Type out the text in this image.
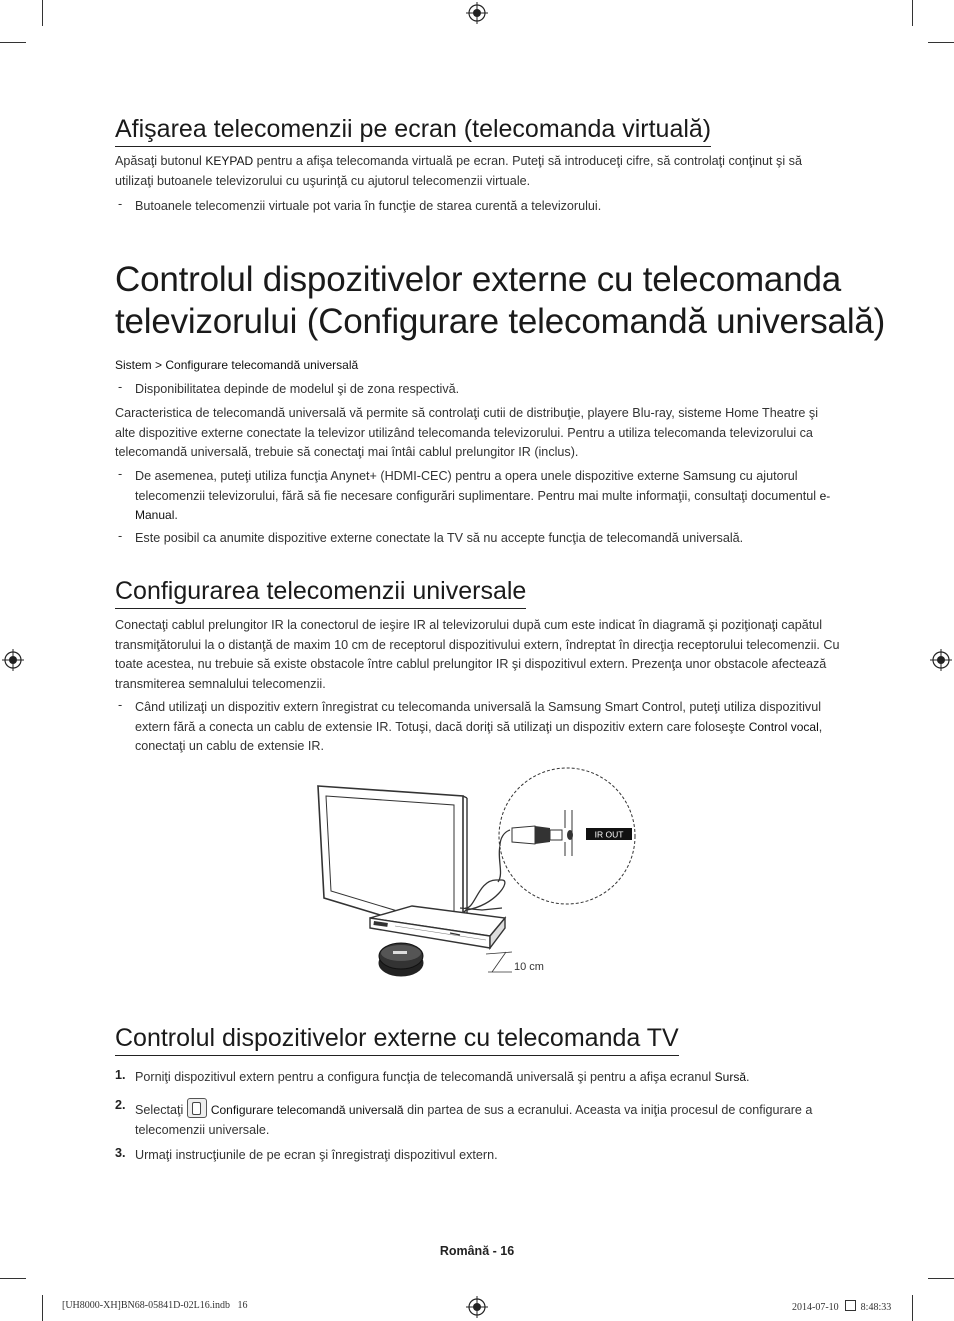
Afişarea telecomenzii pe ecran (telecomanda virtuală)
Apăsaţi butonul KEYPAD pentru a afişa telecomanda virtuală pe ecran. Puteţi să introduceţi cifre, să controlaţi conţinut şi să utilizaţi butoanele televizorului cu uşurinţă cu ajutorul telecomenzii virtuale.
- Butoanele telecomenzii virtuale pot varia în funcţie de starea curentă a televizorului.
Controlul dispozitivelor externe cu telecomanda
televizorului (Configurare telecomandă universală)
Sistem > Configurare telecomandă universală
- Disponibilitatea depinde de modelul şi de zona respectivă.
Caracteristica de telecomandă universală vă permite să controlaţi cutii de distribuţie, playere Blu-ray, sisteme Home Theatre şi alte dispozitive externe conectate la televizor utilizând telecomanda televizorului. Pentru a utiliza telecomanda televizorului ca telecomandă universală, trebuie să conectaţi mai întâi cablul prelungitor IR (inclus).
- De asemenea, puteţi utiliza funcţia Anynet+ (HDMI-CEC) pentru a opera unele dispozitive externe Samsung cu ajutorul telecomenzii televizorului, fără să fie necesare configurări suplimentare. Pentru mai multe informaţii, consultaţi documentul e-Manual.
- Este posibil ca anumite dispozitive externe conectate la TV să nu accepte funcţia de telecomandă universală.
Configurarea telecomenzii universale
Conectaţi cablul prelungitor IR la conectorul de ieşire IR al televizorului după cum este indicat în diagramă şi poziţionaţi capătul transmiţătorului la o distanţă de maxim 10 cm de receptorul dispozitivului extern, îndreptat în direcţia receptorului telecomenzii. Cu toate acestea, nu trebuie să existe obstacole între cablul prelungitor IR şi dispozitivul extern. Prezenţa unor obstacole afectează transmiterea semnalului telecomenzii.
- Când utilizaţi un dispozitiv extern înregistrat cu telecomanda universală la Samsung Smart Control, puteţi utiliza dispozitivul extern fără a conecta un cablu de extensie IR. Totuşi, dacă doriţi să utilizaţi un dispozitiv extern care foloseşte Control vocal, conectaţi un cablu de extensie IR.
10 cm
IR OUT
Controlul dispozitivelor externe cu telecomanda TV
1. Porniţi dispozitivul extern pentru a configura funcţia de telecomandă universală şi pentru a afişa ecranul Sursă.
2. Selectaţi
Configurare telecomandă universală din partea de sus a ecranului. Aceasta va iniţia procesul de configurare a telecomenzii universale.
3. Urmaţi instrucţiunile de pe ecran şi înregistraţi dispozitivul extern.
Română - 16
[UH8000-XH]BN68-05841D-02L16.indb   16	2014-07-10 8:48:33
